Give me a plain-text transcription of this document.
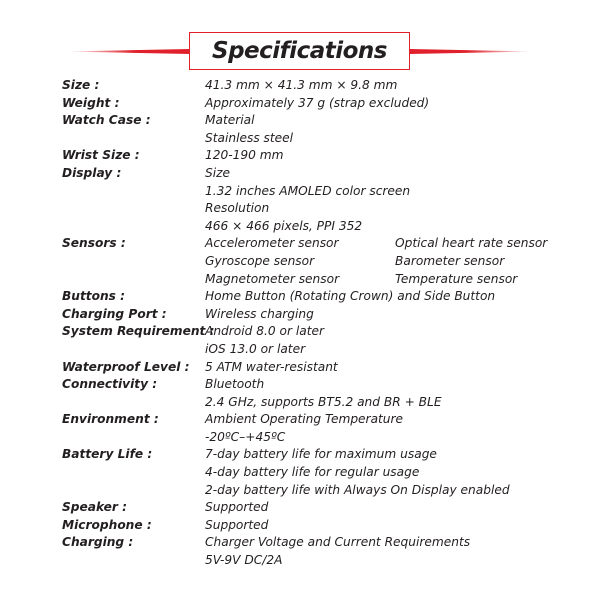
Specifications
Size :	41.3 mm × 41.3 mm × 9.8 mm
Weight :	Approximately 37 g (strap excluded)
Watch Case :	Material
Stainless steel
Wrist Size :	120-190 mm
Display :	Size
1.32 inches AMOLED color screen
Resolution
466 × 466 pixels, PPI 352
Sensors :	Accelerometer sensor	Optical heart rate sensor
Gyroscope sensor	Barometer sensor
Magnetometer sensor	Temperature sensor
Buttons :	Home Button (Rotating Crown) and Side Button
Charging Port :	Wireless charging
System Requirement :
Android 8.0 or later
iOS 13.0 or later
Waterproof Level :	5 ATM water-resistant
Connectivity :	Bluetooth
2.4 GHz, supports BT5.2 and BR + BLE
Environment :	Ambient Operating Temperature
-20ºC–+45ºC
Battery Life :	7-day battery life for maximum usage
4-day battery life for regular usage
2-day battery life with Always On Display enabled
Speaker :	Supported
Microphone :	Supported
Charging :	Charger Voltage and Current Requirements
5V-9V DC/2A
